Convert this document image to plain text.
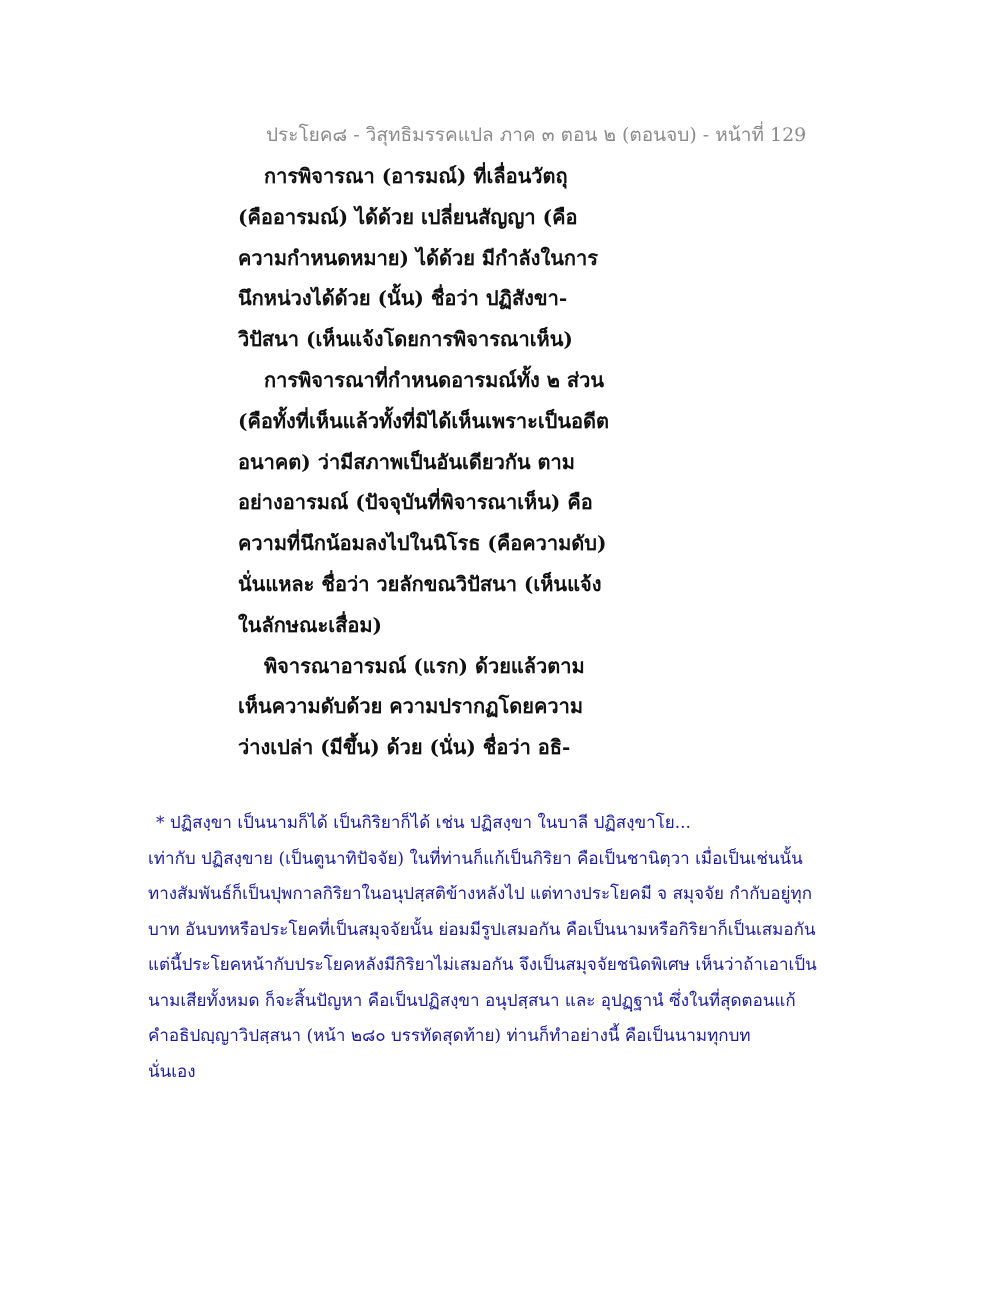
ประโยค๘ - วิสุทธิมรรคแปล ภาค ๓ ตอน ๒ (ตอนจบ) - หน้าที่ 129
การพิจารณา (อารมณ์) ที่เลื่อนวัตถุ
(คืออารมณ์) ได้ด้วย เปลี่ยนสัญญา (คือ
ความกำหนดหมาย) ได้ด้วย มีกำลังในการ
นึกหน่วงได้ด้วย (นั้น) ชื่อว่า ปฏิสังขา-
วิปัสนา (เห็นแจ้งโดยการพิจารณาเห็น)
การพิจารณาที่กำหนดอารมณ์ทั้ง ๒ ส่วน
(คือทั้งที่เห็นแล้วทั้งที่มิได้เห็นเพราะเป็นอดีต
อนาคต) ว่ามีสภาพเป็นอันเดียวกัน ตาม
อย่างอารมณ์ (ปัจจุบันที่พิจารณาเห็น) คือ
ความที่นึกน้อมลงไปในนิโรธ (คือความดับ)
นั่นแหละ ชื่อว่า วยลักขณวิปัสนา (เห็นแจ้ง
ในลักษณะเสื่อม)
พิจารณาอารมณ์ (แรก) ด้วยแล้วตาม
เห็นความดับด้วย ความปรากฏโดยความ
ว่างเปล่า (มีขึ้น) ด้วย (นั่น) ชื่อว่า อธิ-
* ปฏิสงฺขา เป็นนามก็ได้ เป็นกิริยาก็ได้ เช่น ปฏิสงฺขา ในบาลี ปฏิสงฺขาโย...
เท่ากับ ปฏิสงฺขาย (เป็นตูนาทิปัจจัย) ในที่ท่านก็แก้เป็นกิริยา คือเป็นชานิตฺวา เมื่อเป็นเช่นนั้น
ทางสัมพันธ์ก็เป็นปุพกาลกิริยาในอนุปสฺสติข้างหลังไป แต่ทางประโยคมี จ สมุจจัย กำกับอยู่ทุก
บาท อันบทหรือประโยคที่เป็นสมุจจัยนั้น ย่อมมีรูปเสมอกัน คือเป็นนามหรือกิริยาก็เป็นเสมอกัน
แต่นี้ประโยคหน้ากับประโยคหลังมีกิริยาไม่เสมอกัน จึงเป็นสมุจจัยชนิดพิเศษ เห็นว่าถ้าเอาเป็น
นามเสียทั้งหมด ก็จะสิ้นปัญหา คือเป็นปฏิสงฺขา อนุปสฺสนา และ อุปฏฺฐานํ ซึ่งในที่สุดตอนแก้
คำอธิปญฺญาวิปสฺสนา (หน้า ๒๘๐ บรรทัดสุดท้าย) ท่านก็ทำอย่างนี้ คือเป็นนามทุกบท
นั่นเอง
